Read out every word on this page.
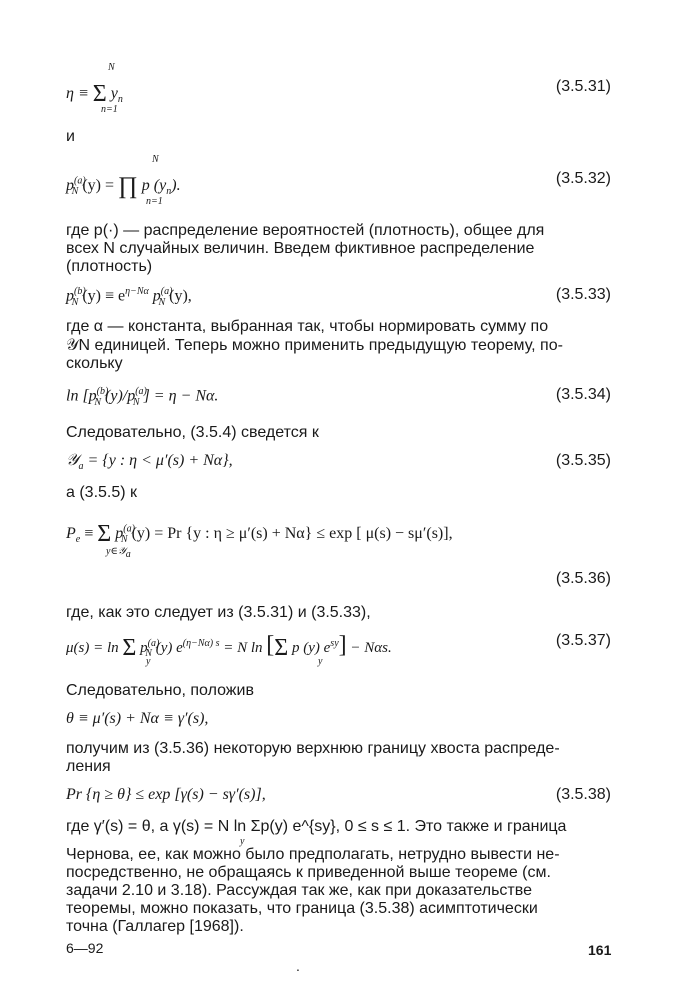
η ≡ Σ $y_n$
N
n=1
(3.5.31)
и
$p^{(a)}_N$ (y) = ∏ p $(y_n)$.
N
n=1
(3.5.32)
где p(·) — распределение вероятностей (плотность), общее для
всех N случайных величин. Введем фиктивное распределение
(плотность)
$p^{(b)}_N$ $(y) \equiv e^{\eta-N\alpha}$ $p^{(a)}_N$ (y),	(3.5.33)
где α — константа, выбранная так, чтобы нормировать сумму по
𝒴N единицей. Теперь можно применить предыдущую теорему, по-
скольку
$\ln [p^{(b)}_N$ $(y)/p^{(a)}_N$ ] = η − Nα.	(3.5.34)
Следовательно, (3.5.4) сведется к
𝒴$_a$ = {y : η < μ′(s) + Nα},	(3.5.35)
а (3.5.5) к
$P_e \equiv \Sigma$ $p^{(a)}_N$ (y) = Pr {y : η ≥ μ′(s) + Nα} ≤ exp [ μ(s) − sμ′(s)],
y∈𝒴$_a$
(3.5.36)
где, как это следует из (3.5.31) и (3.5.33),
μ(s) = ln Σ $p^{(a)}_N$ (y) $e^{(\eta-N\alpha) s} = N$ ln [Σ p (y) $e^{sy}] - N\alpha s$.
y	y
(3.5.37)
Следовательно, положив
θ ≡ μ′(s) + Nα ≡ γ′(s),
получим из (3.5.36) некоторую верхнюю границу хвоста распреде-
ления
Pr {η ≥ θ} ≤ exp [γ(s) − sγ′(s)],	(3.5.38)
где γ′(s) = θ, а γ(s) = N ln Σp(y) e^{sy}, 0 ≤ s ≤ 1. Это также и граница
y
Чернова, ее, как можно было предполагать, нетрудно вывести не-
посредственно, не обращаясь к приведенной выше теореме (см.
задачи 2.10 и 3.18). Рассуждая так же, как при доказательстве
теоремы, можно показать, что граница (3.5.38) асимптотически
точна (Галлагер [1968]).
6—92	161
.
